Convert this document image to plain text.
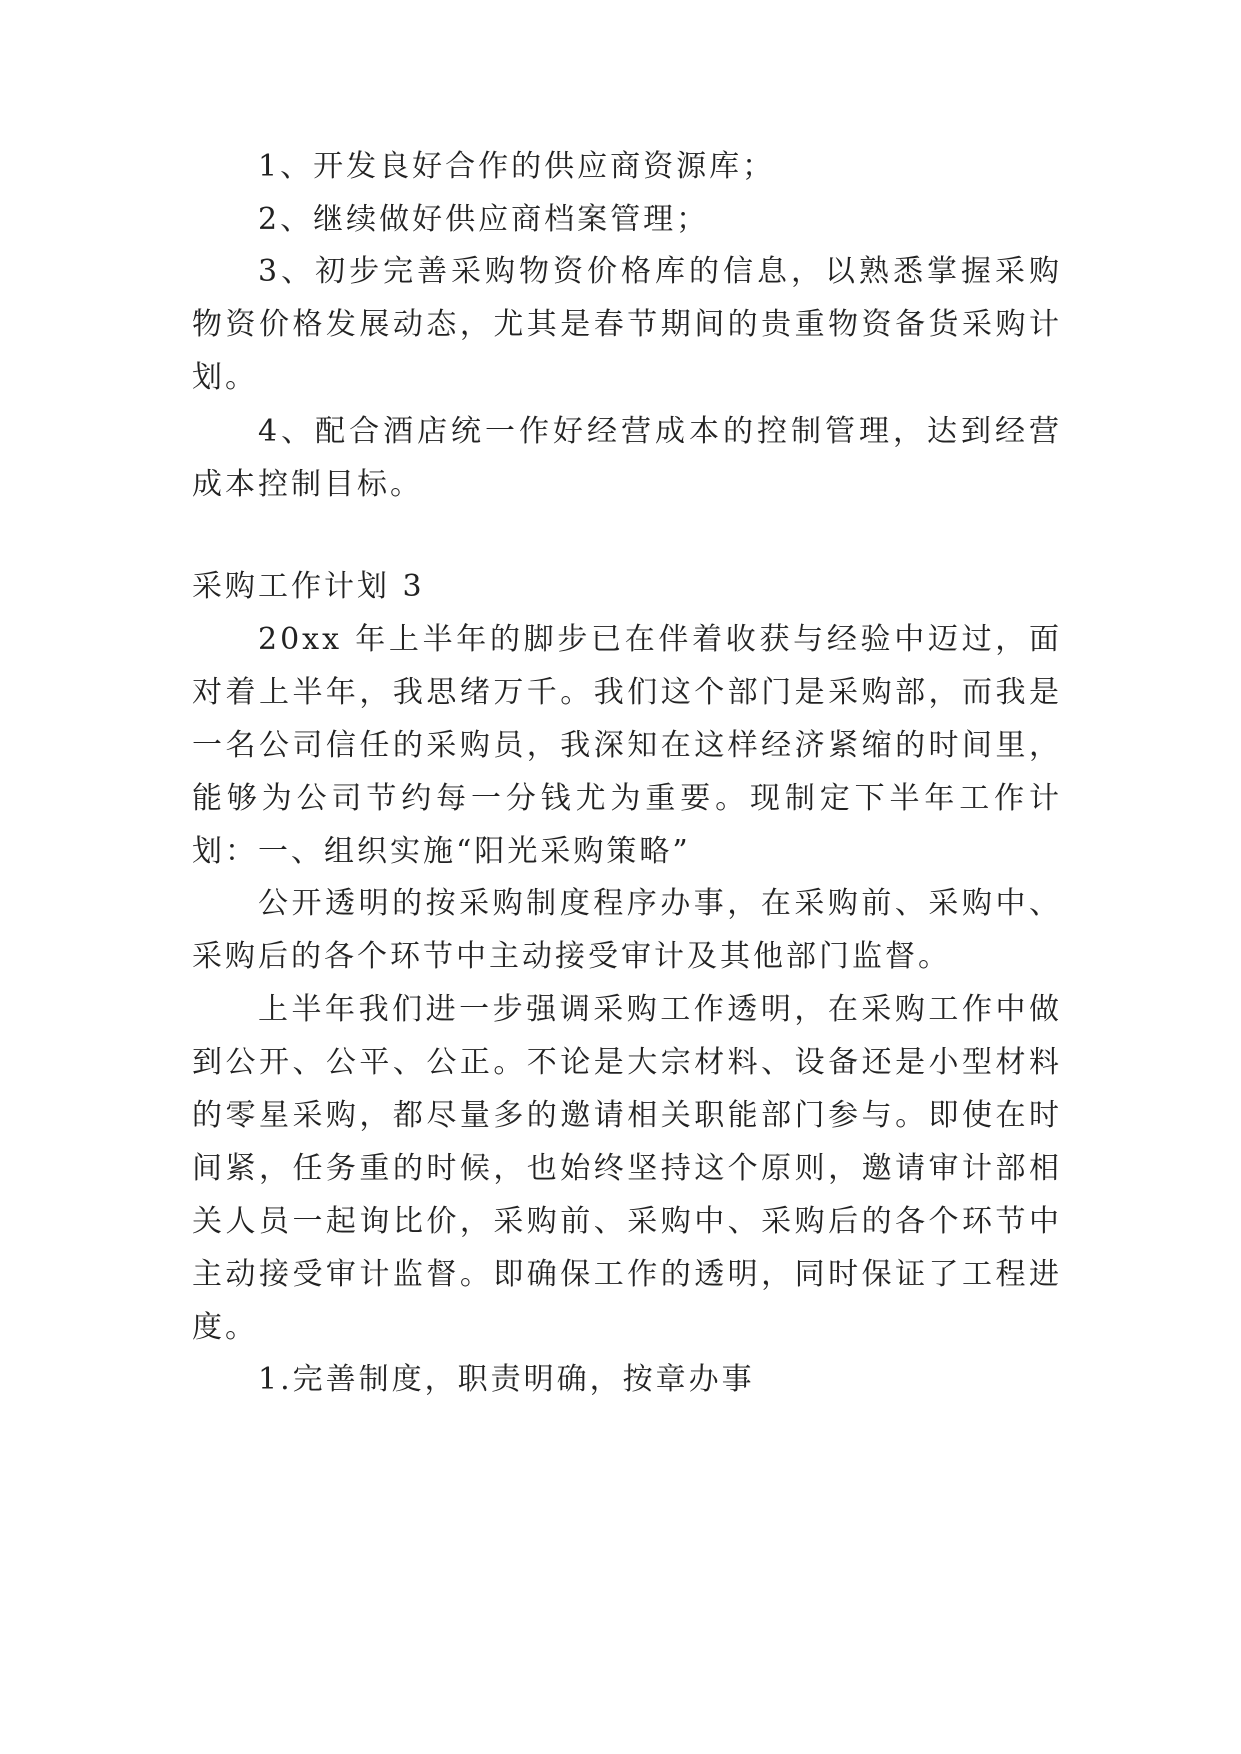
1、开发良好合作的供应商资源库；

2、继续做好供应商档案管理；

3、初步完善采购物资价格库的信息，以熟悉掌握采购物资价格发展动态，尤其是春节期间的贵重物资备货采购计划。

4、配合酒店统一作好经营成本的控制管理，达到经营成本控制目标。

采购工作计划 3

20xx 年上半年的脚步已在伴着收获与经验中迈过，面对着上半年，我思绪万千。我们这个部门是采购部，而我是一名公司信任的采购员，我深知在这样经济紧缩的时间里，能够为公司节约每一分钱尤为重要。现制定下半年工作计划： 一、组织实施“阳光采购策略”

公开透明的按采购制度程序办事，在采购前、采购中、采购后的各个环节中主动接受审计及其他部门监督。

上半年我们进一步强调采购工作透明，在采购工作中做到公开、公平、公正。不论是大宗材料、设备还是小型材料的零星采购，都尽量多的邀请相关职能部门参与。即使在时间紧，任务重的时候，也始终坚持这个原则，邀请审计部相关人员一起询比价，采购前、采购中、采购后的各个环节中主动接受审计监督。即确保工作的透明，同时保证了工程进度。

1.完善制度，职责明确，按章办事
